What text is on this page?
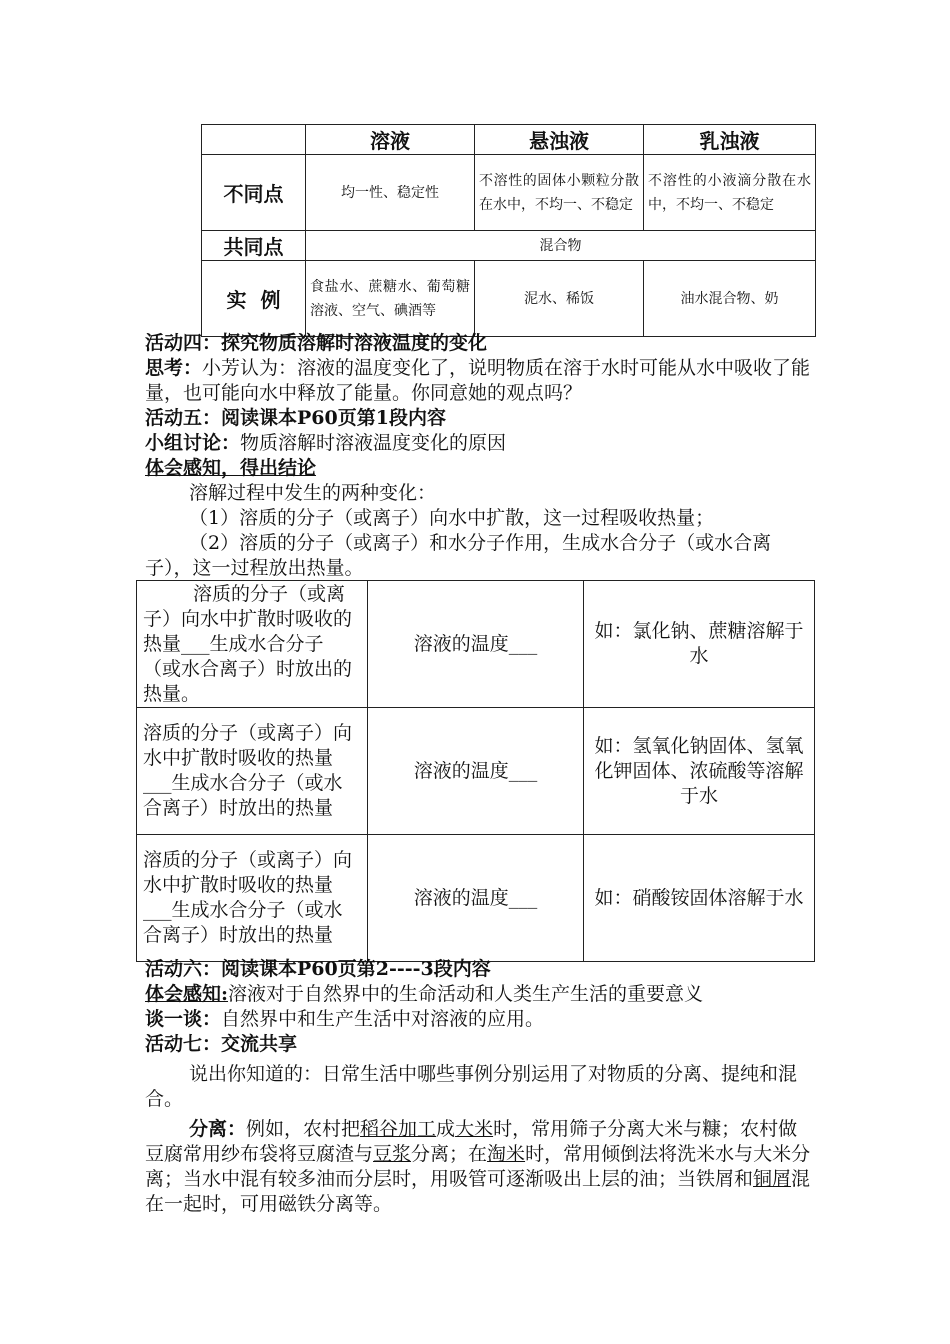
	溶液	悬浊液	乳浊液
不同点	均一性、稳定性	不溶性的固体小颗粒分散在水中，不均一、不稳定	不溶性的小液滴分散在水中，不均一、不稳定
共同点	混合物		
实  例	食盐水、蔗糖水、葡萄糖溶液、空气、碘酒等	泥水、稀饭	油水混合物、奶
活动四：探究物质溶解时溶液温度的变化
思考：小芳认为：溶液的温度变化了，说明物质在溶于水时可能从水中吸收了能量，也可能向水中释放了能量。你同意她的观点吗？
活动五：阅读课本P60页第1段内容
小组讨论：物质溶解时溶液温度变化的原因
体会感知，得出结论
溶解过程中发生的两种变化：
（1）溶质的分子（或离子）向水中扩散，这一过程吸收热量；
（2）溶质的分子（或离子）和水分子作用，生成水合分子（或水合离子），这一过程放出热量。
溶质的分子（或离子）向水中扩散时吸收的热量___生成水合分子（或水合离子）时放出的热量。	溶液的温度___	如：氯化钠、蔗糖溶解于水
溶质的分子（或离子）向水中扩散时吸收的热量___生成水合分子（或水合离子）时放出的热量	溶液的温度___	如：氢氧化钠固体、氢氧化钾固体、浓硫酸等溶解于水
溶质的分子（或离子）向水中扩散时吸收的热量___生成水合分子（或水合离子）时放出的热量	溶液的温度___	如：硝酸铵固体溶解于水
活动六：阅读课本P60页第2----3段内容
体会感知:溶液对于自然界中的生命活动和人类生产生活的重要意义
谈一谈：自然界中和生产生活中对溶液的应用。
活动七：交流共享
说出你知道的：日常生活中哪些事例分别运用了对物质的分离、提纯和混合。
分离：例如，农村把稻谷加工成大米时，常用筛子分离大米与糠；农村做豆腐常用纱布袋将豆腐渣与豆浆分离；在淘米时，常用倾倒法将洗米水与大米分离；当水中混有较多油而分层时，用吸管可逐渐吸出上层的油；当铁屑和铜屑混在一起时，可用磁铁分离等。
